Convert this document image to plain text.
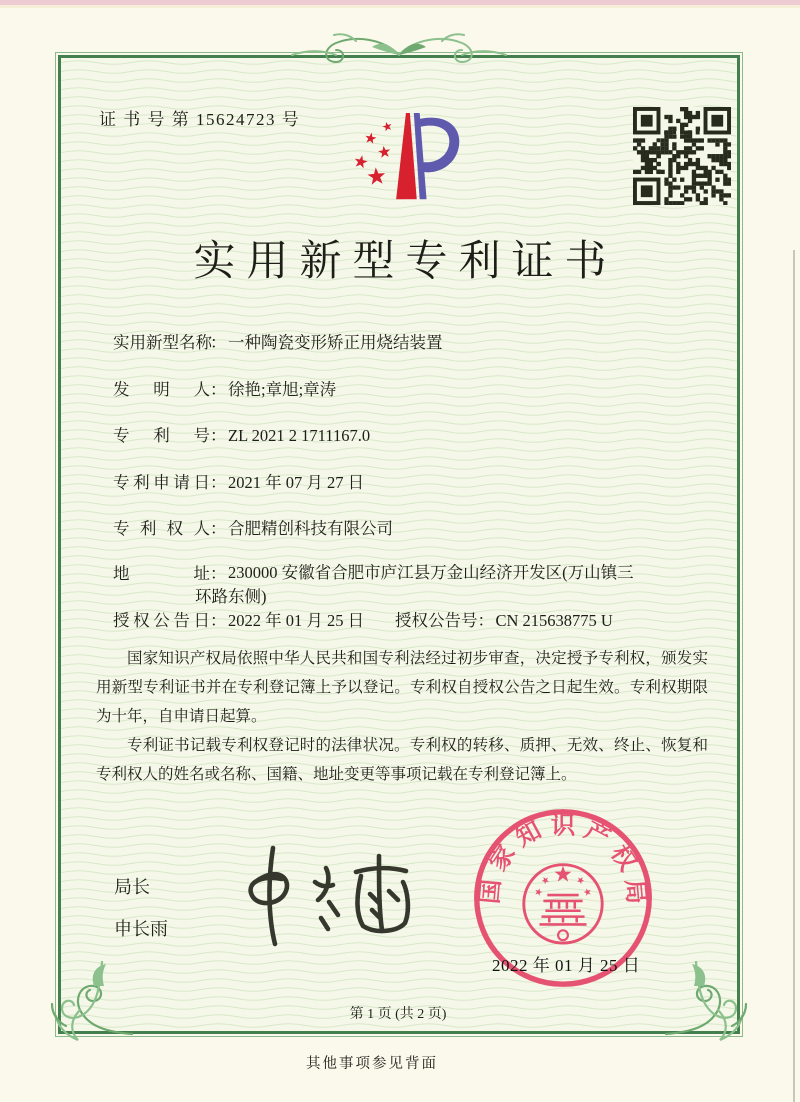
证 书 号 第 15624723 号
实用新型专利证书
实用新型名称
： 一种陶瓷变形矫正用烧结装置
发明人 ： 徐艳;章旭;章涛
专利号 ： ZL 2021 2 1711167.0
专利申请日 ： 2021 年 07 月 27 日
专利权人 ： 合肥精创科技有限公司
地址 ： 230000 安徽省合肥市庐江县万金山经济开发区(万山镇三环路东侧)
授权公告日 ： 2022 年 01 月 25 日 授权公告号 ： CN 215638775 U

国家知识产权局依照中华人民共和国专利法经过初步审查，决定授予专利权，颁发实用新型专利证书并在专利登记簿上予以登记。专利权自授权公告之日起生效。专利权期限为十年，自申请日起算。

专利证书记载专利权登记时的法律状况。专利权的转移、质押、无效、终止、恢复和专利权人的姓名或名称、国籍、地址变更等事项记载在专利登记簿上。

局长
申长雨
国
家
知 识 产
权
局
2022 年 01 月 25 日
第 1 页 (共 2 页)
其他事项参见背面
